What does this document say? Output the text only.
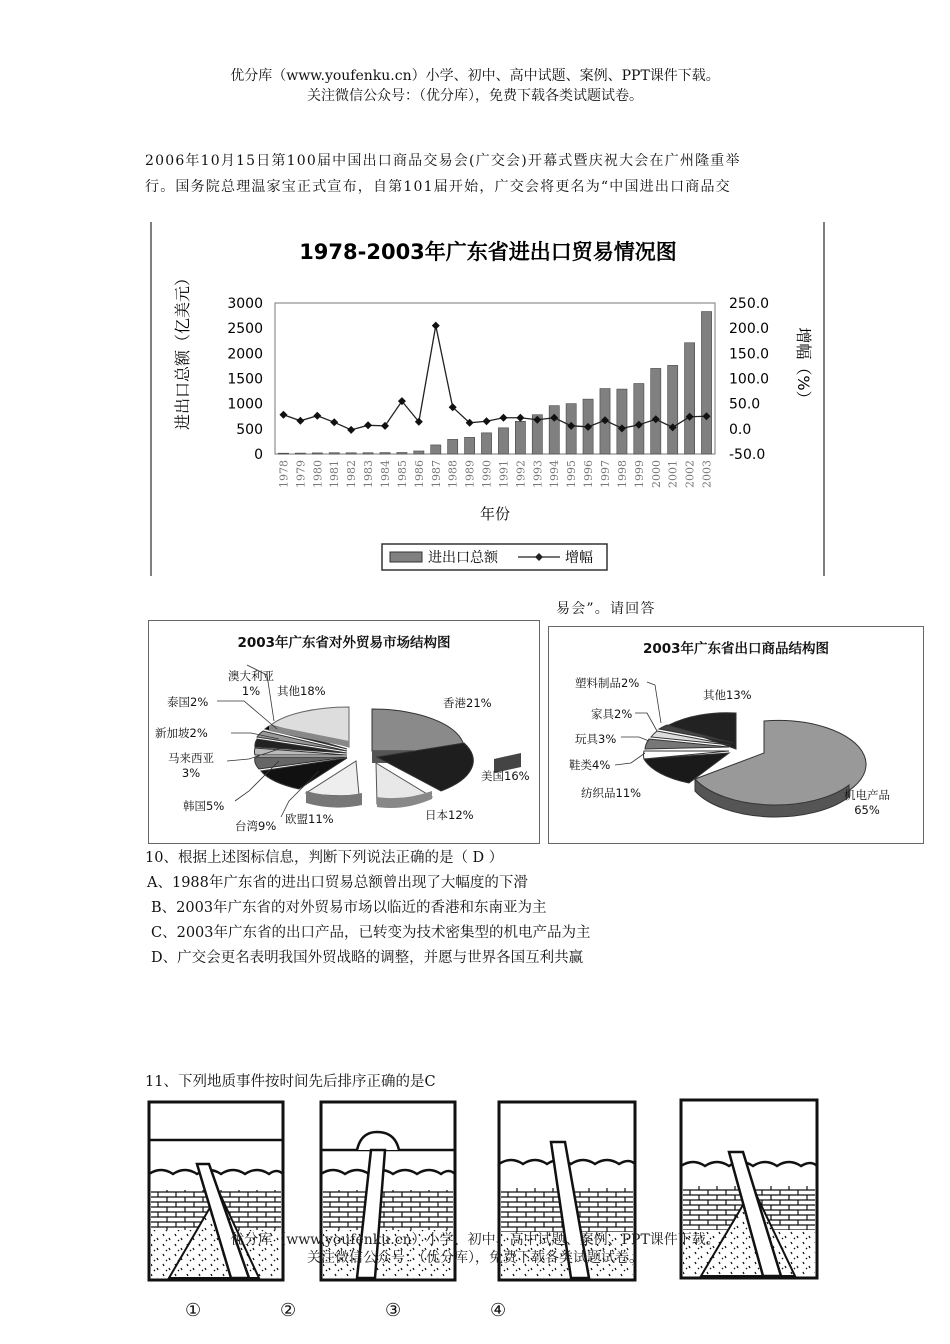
优分库（www.youfenku.cn）小学、初中、高中试题、案例、PPT课件下载。
关注微信公众号：（优分库），免费下载各类试题试卷。
2006年10月15日第100届中国出口商品交易会(广交会)开幕式暨庆祝大会在广州隆重举
行。国务院总理温家宝正式宣布，自第101届开始，广交会将更名为“中国进出口商品交
易会”。请回答
1978-2003年广东省进出口贸易情况图
3000
2500
2000
1500
1000
500
0
250.0
200.0
150.0
100.0
50.0
0.0
-50.0
1978 1979 1980 1981 1982 1983 1984 1985 1986 1987 1988 1989 1990 1991 1992 1993 1994 1995 1996 1997 1998 1999 2000 2001 2002 2003
进出口总额（亿美元）	增幅（%）
年份
进出口总额	增幅
2003年广东省对外贸易市场结构图
澳大利亚1%	其他18%
泰国2%
新加坡2%
马来西亚3%
韩国5%
台湾9% 欧盟11%	日本12%
美国16%
香港21%
2003年广东省出口商品结构图
塑料制品2%
其他13%
家具2%
玩具3%
鞋类4%
纺织品11%	机电产品65%
10、根据上述图标信息，判断下列说法正确的是（ D ）
A、1988年广东省的进出口贸易总额曾出现了大幅度的下滑
B、2003年广东省的对外贸易市场以临近的香港和东南亚为主
C、2003年广东省的出口产品，已转变为技术密集型的机电产品为主
D、广交会更名表明我国外贸战略的调整，并愿与世界各国互利共赢
11、下列地质事件按时间先后排序正确的是C
优分库（www.youfenku.cn）小学、初中、高中试题、案例、PPT课件下载。
关注微信公众号：（优分库），免费下载各类试题试卷。
①	②	③	④
